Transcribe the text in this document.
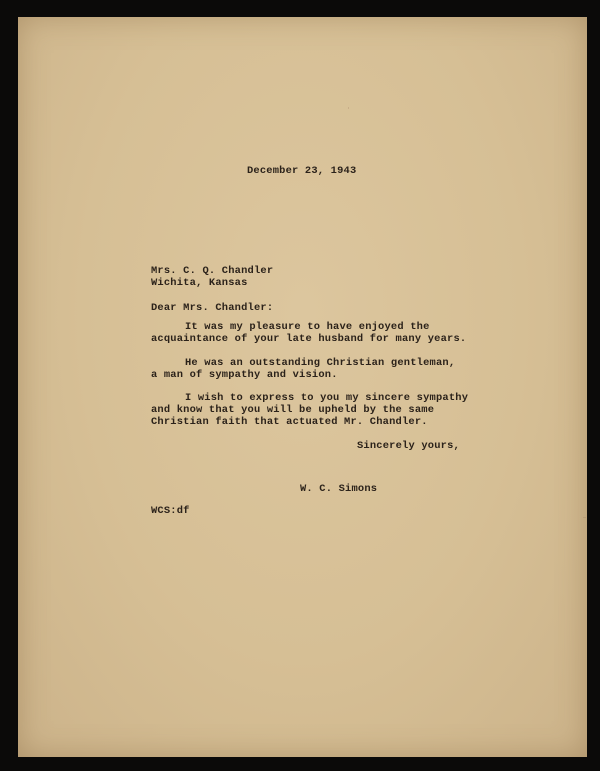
December 23, 1943
Mrs. C. Q. Chandler
Wichita, Kansas
Dear Mrs. Chandler:
It was my pleasure to have enjoyed the
acquaintance of your late husband for many years.
He was an outstanding Christian gentleman,
a man of sympathy and vision.
I wish to express to you my sincere sympathy
and know that you will be upheld by the same
Christian faith that actuated Mr. Chandler.
Sincerely yours,
W. C. Simons
WCS:df
